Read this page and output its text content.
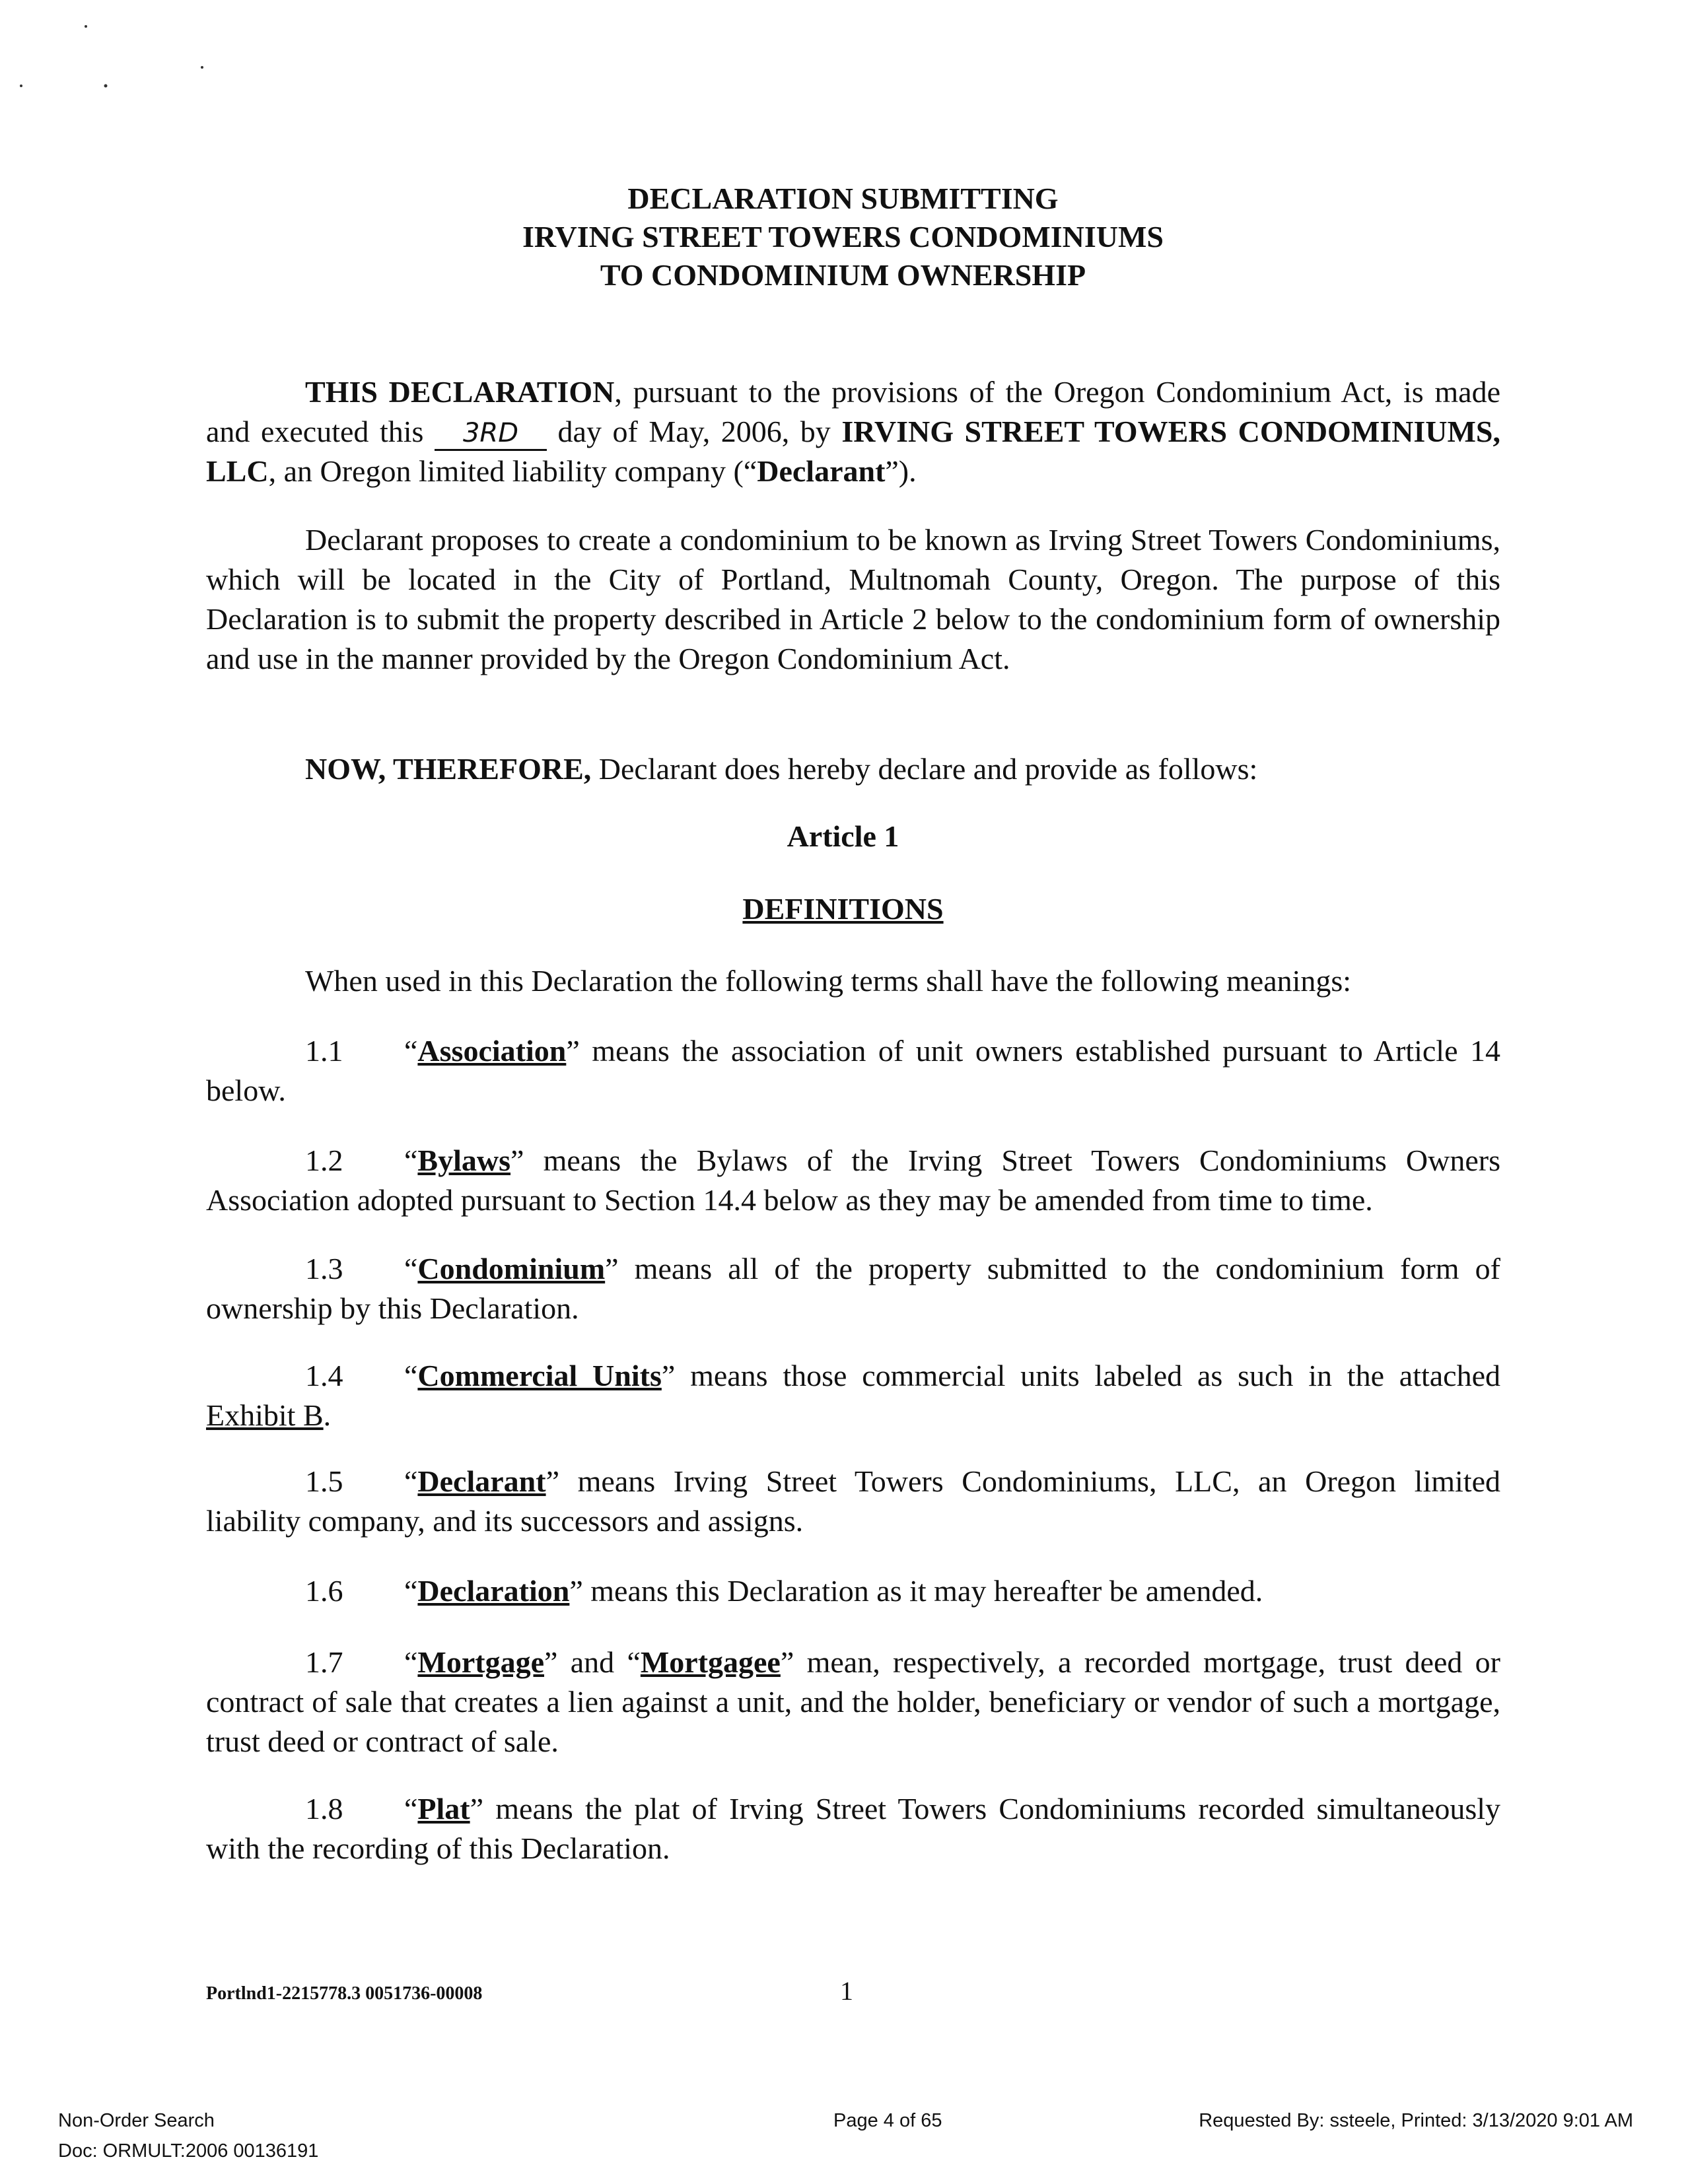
DECLARATION SUBMITTING
IRVING STREET TOWERS CONDOMINIUMS
TO CONDOMINIUM OWNERSHIP
THIS DECLARATION, pursuant to the provisions of the Oregon Condominium Act, is made and executed this 3RD day of May, 2006, by IRVING STREET TOWERS CONDOMINIUMS, LLC, an Oregon limited liability company (“Declarant”).
Declarant proposes to create a condominium to be known as Irving Street Towers Condominiums, which will be located in the City of Portland, Multnomah County, Oregon. The purpose of this Declaration is to submit the property described in Article 2 below to the condominium form of ownership and use in the manner provided by the Oregon Condominium Act.
NOW, THEREFORE, Declarant does hereby declare and provide as follows:
Article 1
DEFINITIONS
When used in this Declaration the following terms shall have the following meanings:
1.1 “Association” means the association of unit owners established pursuant to Article 14 below.
1.2 “Bylaws” means the Bylaws of the Irving Street Towers Condominiums Owners Association adopted pursuant to Section 14.4 below as they may be amended from time to time.
1.3 “Condominium” means all of the property submitted to the condominium form of ownership by this Declaration.
1.4 “Commercial Units” means those commercial units labeled as such in the attached Exhibit B.
1.5 “Declarant” means Irving Street Towers Condominiums, LLC, an Oregon limited liability company, and its successors and assigns.
1.6 “Declaration” means this Declaration as it may hereafter be amended.
1.7 “Mortgage” and “Mortgagee” mean, respectively, a recorded mortgage, trust deed or contract of sale that creates a lien against a unit, and the holder, beneficiary or vendor of such a mortgage, trust deed or contract of sale.
1.8 “Plat” means the plat of Irving Street Towers Condominiums recorded simultaneously with the recording of this Declaration.
Portlnd1-2215778.3 0051736-00008	1
Non-Order Search
Doc: ORMULT:2006 00136191
Page 4 of 65	Requested By: ssteele, Printed: 3/13/2020 9:01 AM
